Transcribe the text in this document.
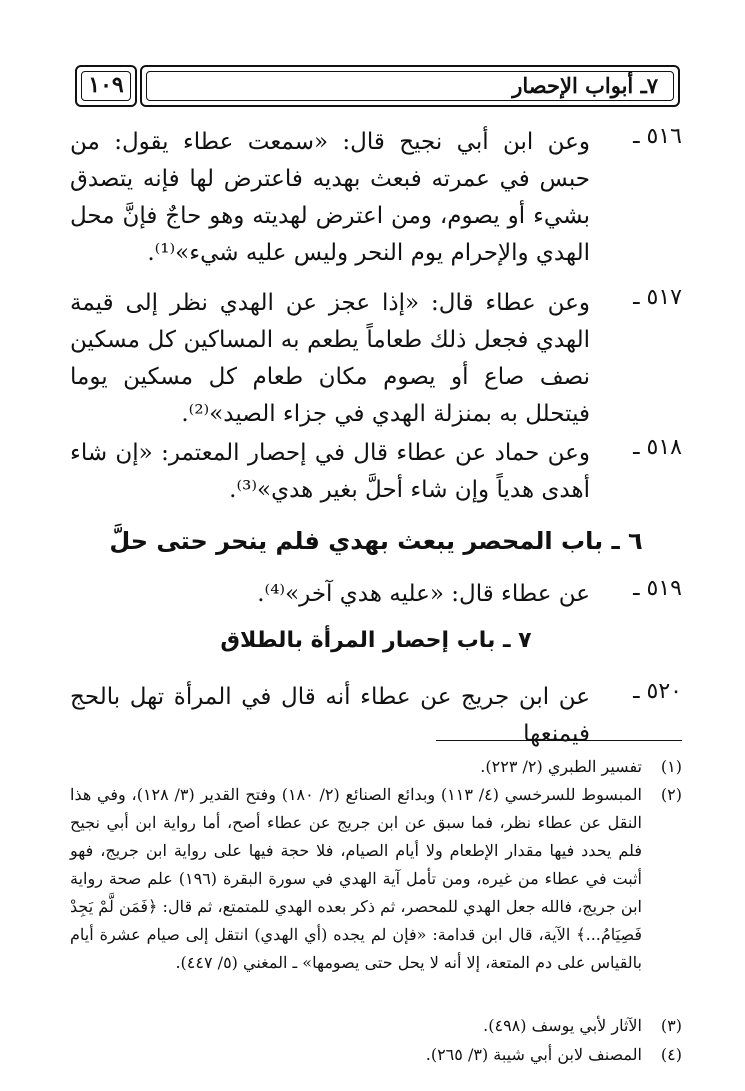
٧ـ أبواب الإحصار
١٠٩
٥١٦ ـ
وعن ابن أبي نجيح قال: «سمعت عطاء يقول: من حبس في عمرته فبعث بهديه فاعترض لها فإنه يتصدق بشيء أو يصوم، ومن اعترض لهديته وهو حاجٌ فإنَّ محل الهدي والإحرام يوم النحر وليس عليه شيء»⁽¹⁾.
٥١٧ ـ
وعن عطاء قال: «إذا عجز عن الهدي نظر إلى قيمة الهدي فجعل ذلك طعاماً يطعم به المساكين كل مسكين نصف صاع أو يصوم مكان طعام كل مسكين يوما فيتحلل به بمنزلة الهدي في جزاء الصيد»⁽²⁾.
٥١٨ ـ
وعن حماد عن عطاء قال في إحصار المعتمر: «إن شاء أهدى هدياً وإن شاء أحلَّ بغير هدي»⁽³⁾.
٦ ـ باب المحصر يبعث بهدي فلم ينحر حتى حلَّ
٥١٩ ـ
عن عطاء قال: «عليه هدي آخر»⁽⁴⁾.
٧ ـ باب إحصار المرأة بالطلاق
٥٢٠ ـ
عن ابن جريج عن عطاء أنه قال في المرأة تهل بالحج فيمنعها
(١)
تفسير الطبري (٢/ ٢٢٣).
(٢)
المبسوط للسرخسي (٤/ ١١٣) وبدائع الصنائع (٢/ ١٨٠) وفتح القدير (٣/ ١٢٨)، وفي هذا النقل عن عطاء نظر، فما سبق عن ابن جريج عن عطاء أصح، أما رواية ابن أبي نجيح فلم يحدد فيها مقدار الإطعام ولا أيام الصيام، فلا حجة فيها على رواية ابن جريج، فهو أثبت في عطاء من غيره، ومن تأمل آية الهدي في سورة البقرة (١٩٦) علم صحة رواية ابن جريج، فالله جعل الهدي للمحصر، ثم ذكر بعده الهدي للمتمتع، ثم قال: ﴿فَمَن لَّمْ يَجِدْ فَصِيَامُ...﴾ الآية، قال ابن قدامة: «فإن لم يجده (أي الهدي) انتقل إلى صيام عشرة أيام بالقياس على دم المتعة، إلا أنه لا يحل حتى يصومها» ـ المغني (٥/ ٤٤٧).
(٣)
الآثار لأبي يوسف (٤٩٨).
(٤)
المصنف لابن أبي شيبة (٣/ ٢٦٥).
